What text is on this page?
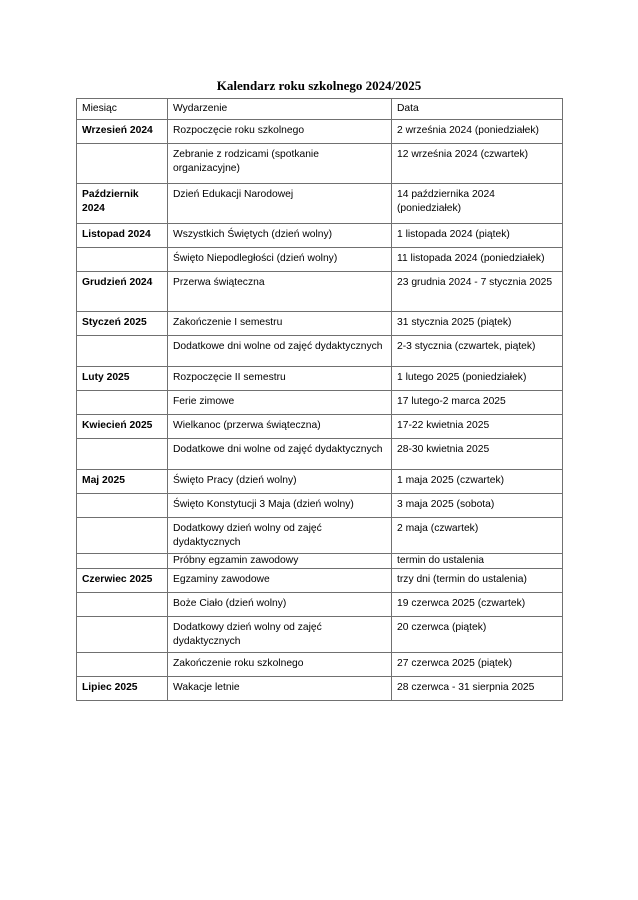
Kalendarz roku szkolnego 2024/2025
Miesiąc	Wydarzenie	Data
Wrzesień 2024	Rozpoczęcie roku szkolnego	2 września 2024 (poniedziałek)
	Zebranie z rodzicami (spotkanie organizacyjne)	12 września 2024 (czwartek)
Październik 2024	Dzień Edukacji Narodowej	14 października 2024 (poniedziałek)
Listopad 2024	Wszystkich Świętych (dzień wolny)	1 listopada 2024 (piątek)
	Święto Niepodległości (dzień wolny)	11 listopada 2024 (poniedziałek)
Grudzień 2024	Przerwa świąteczna	23 grudnia 2024 - 7 stycznia 2025
Styczeń 2025	Zakończenie I semestru	31 stycznia 2025 (piątek)
	Dodatkowe dni wolne od zajęć dydaktycznych	2-3 stycznia (czwartek, piątek)
Luty 2025	Rozpoczęcie II semestru	1 lutego 2025 (poniedziałek)
	Ferie zimowe	17 lutego-2 marca 2025
Kwiecień 2025	Wielkanoc (przerwa świąteczna)	17-22 kwietnia 2025
	Dodatkowe dni wolne od zajęć dydaktycznych	28-30 kwietnia 2025
Maj 2025	Święto Pracy (dzień wolny)	1 maja 2025 (czwartek)
	Święto Konstytucji 3 Maja (dzień wolny)	3 maja 2025 (sobota)
	Dodatkowy dzień wolny od zajęć dydaktycznych	2 maja (czwartek)
	Próbny egzamin zawodowy	termin do ustalenia
Czerwiec 2025	Egzaminy zawodowe	trzy dni (termin do ustalenia)
	Boże Ciało (dzień wolny)	19 czerwca 2025 (czwartek)
	Dodatkowy dzień wolny od zajęć dydaktycznych	20 czerwca (piątek)
	Zakończenie roku szkolnego	27 czerwca 2025 (piątek)
Lipiec 2025	Wakacje letnie	28 czerwca - 31 sierpnia 2025
